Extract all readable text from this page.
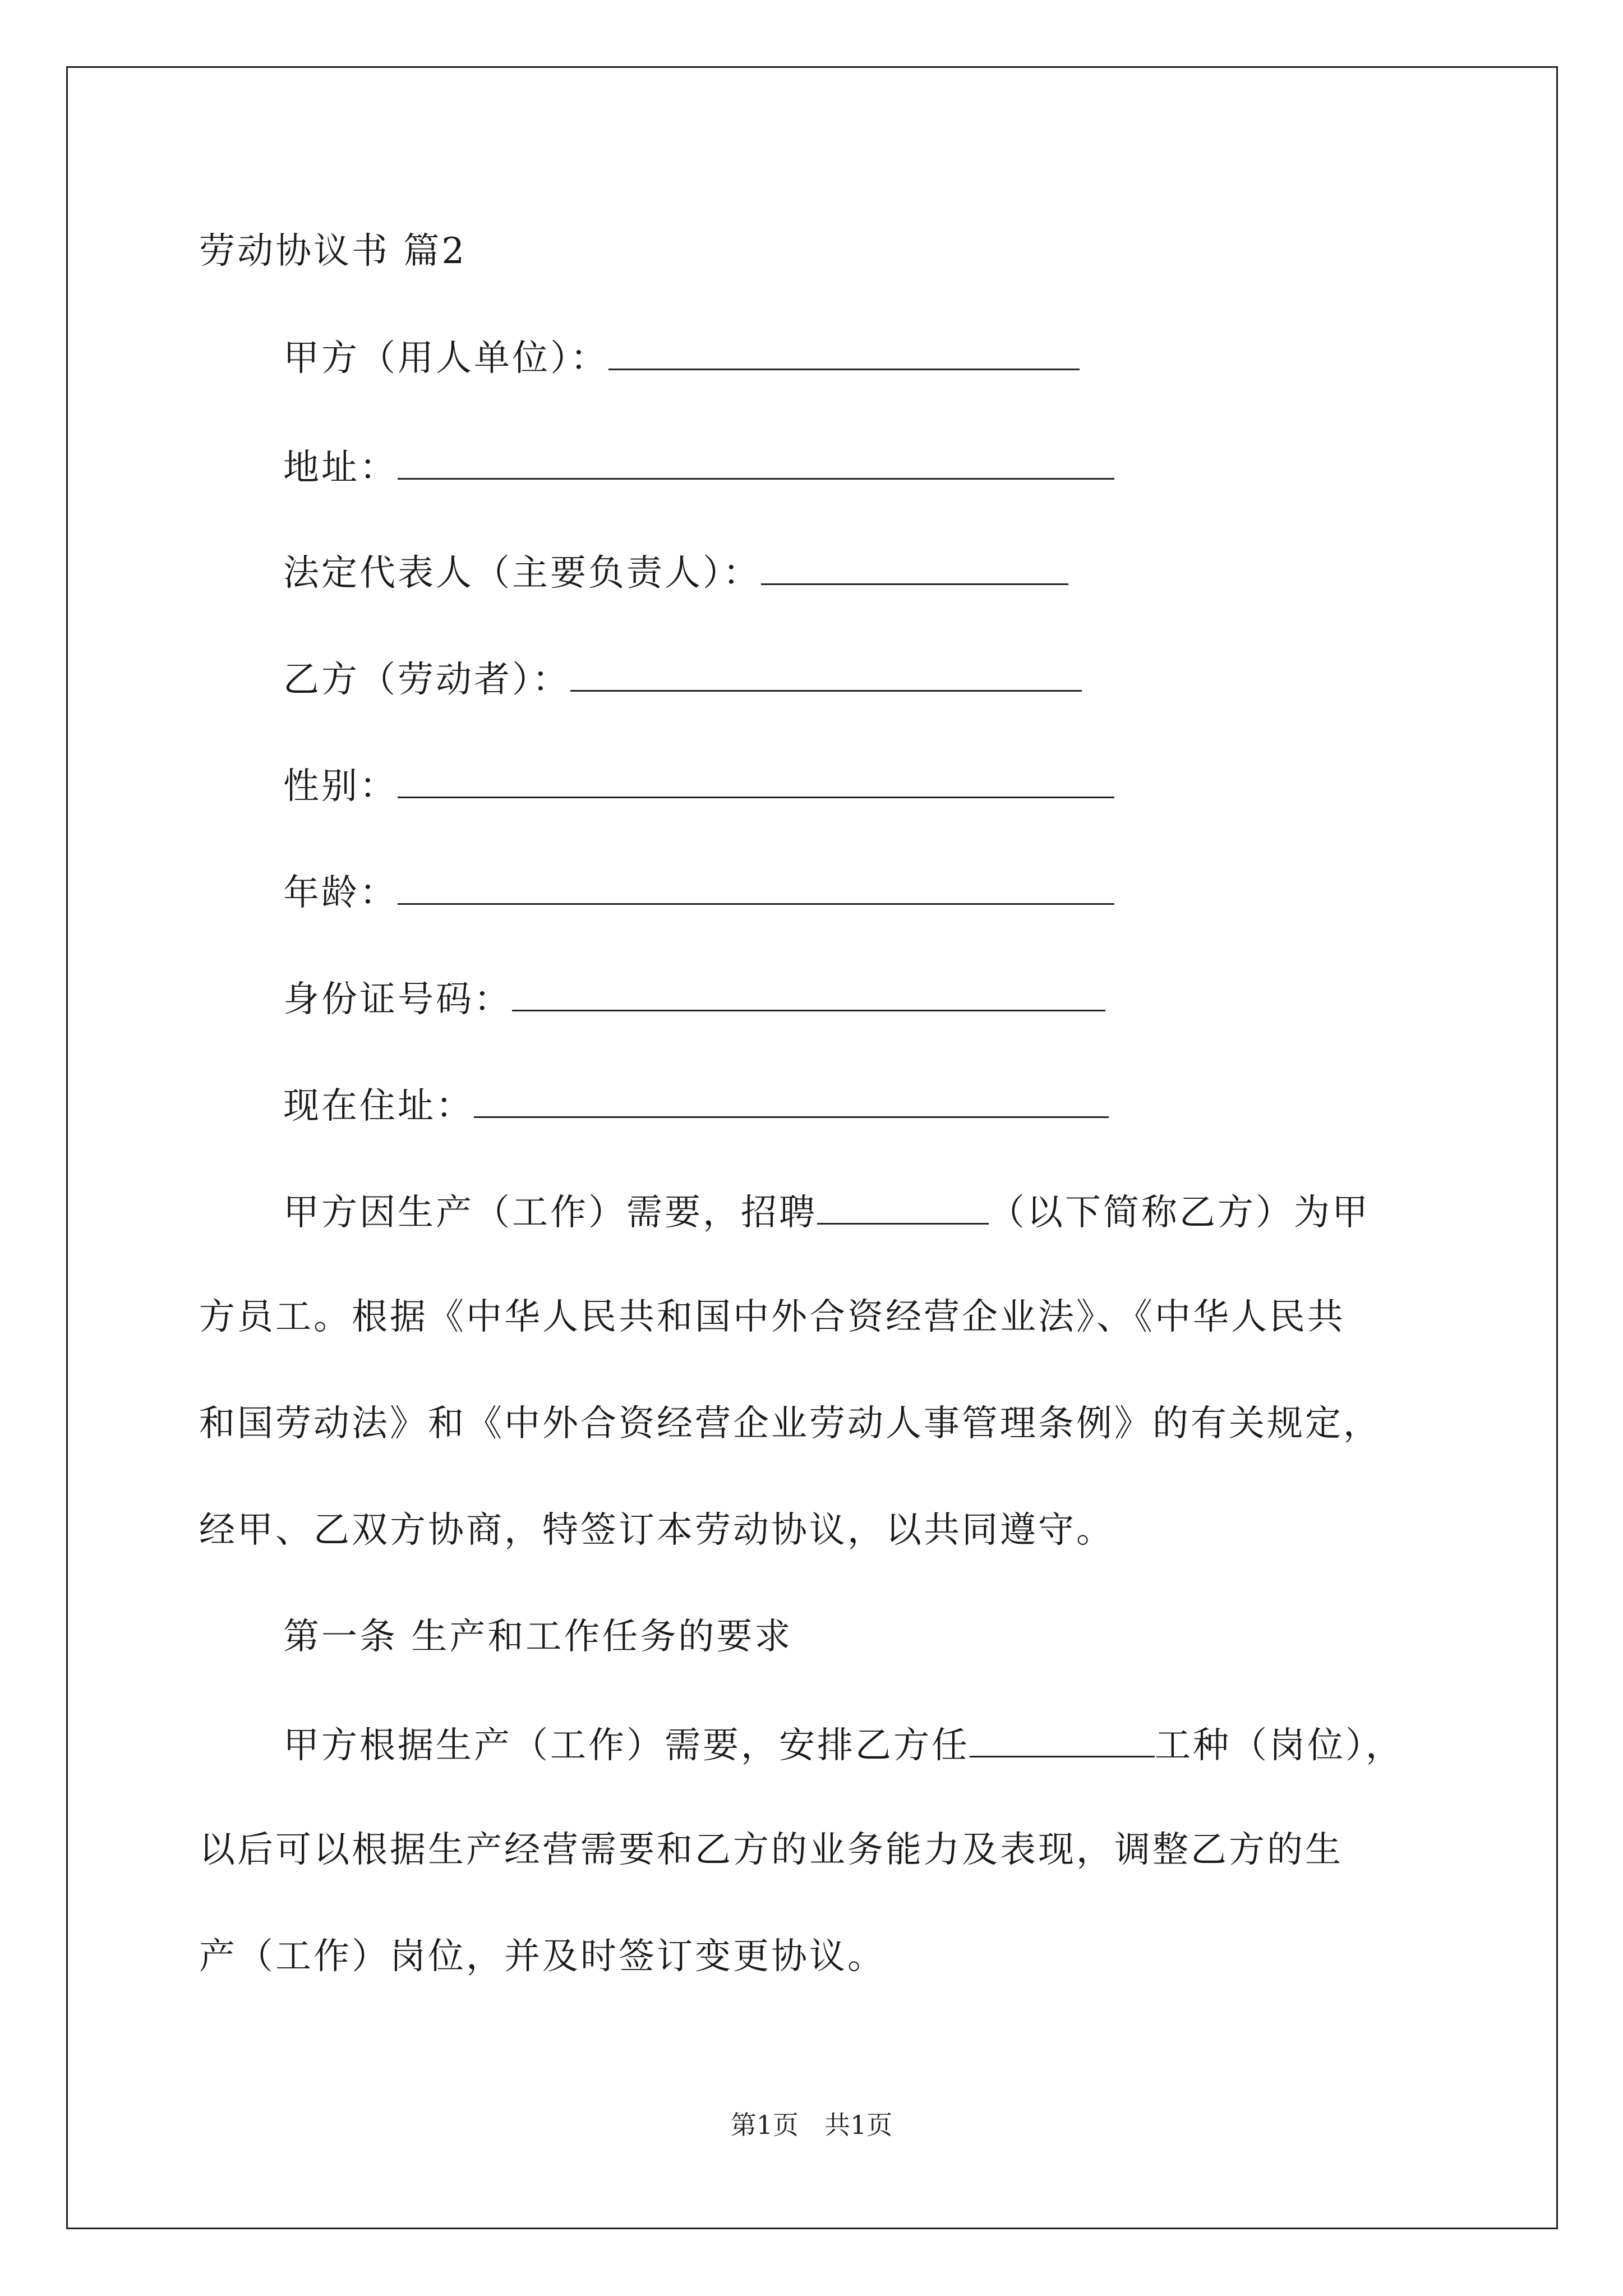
劳动协议书 篇2
甲方（用人单位）：
地址：
法定代表人（主要负责人）：
乙方（劳动者）：
性别：
年龄：
身份证号码：
现在住址：
甲方因生产（工作）需要，招聘	（以下简称乙方）为甲
方员工。根据《中华人民共和国中外合资经营企业法》、《中华人民共
和国劳动法》和《中外合资经营企业劳动人事管理条例》的有关规定，
经甲、乙双方协商，特签订本劳动协议，以共同遵守。
第一条 生产和工作任务的要求
甲方根据生产（工作）需要，安排乙方任	工种（岗位），
以后可以根据生产经营需要和乙方的业务能力及表现，调整乙方的生
产（工作）岗位，并及时签订变更协议。
第1页　共1页
